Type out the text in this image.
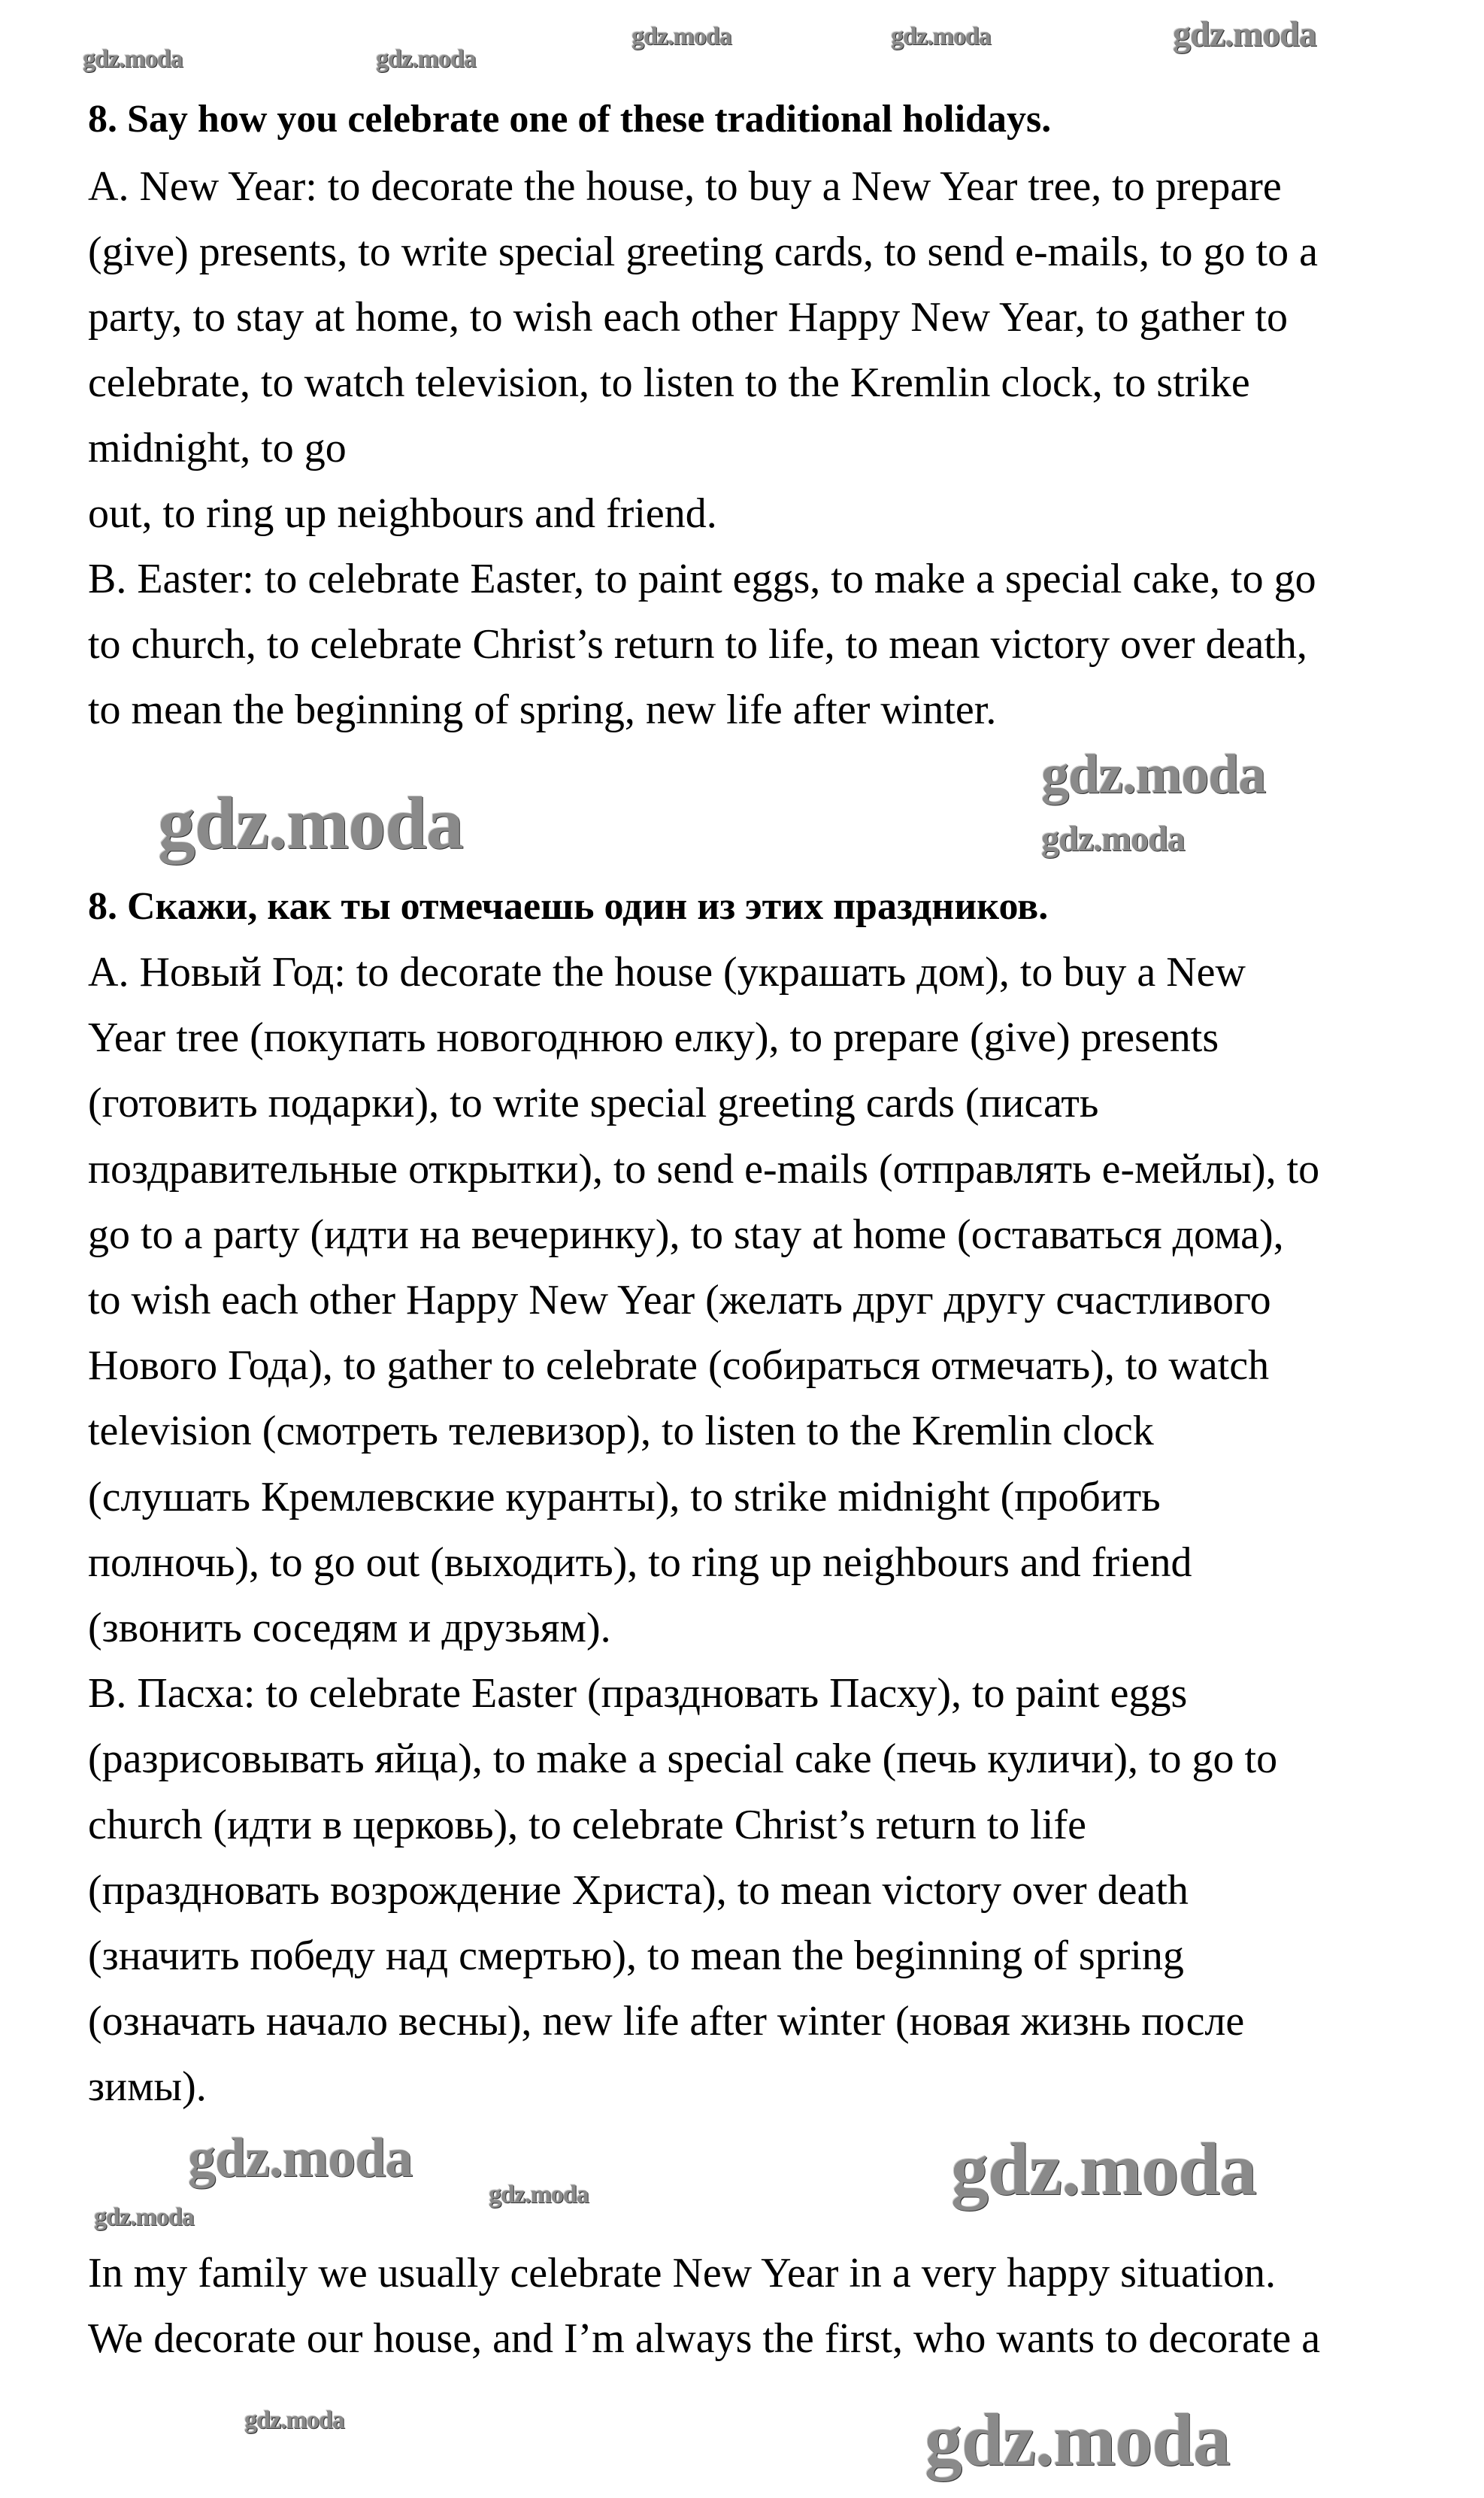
8. Say how you celebrate one of these traditional holidays.
A. New Year: to decorate the house, to buy a New Year tree, to prepare
(give) presents, to write special greeting cards, to send e-mails, to go to a
party, to stay at home, to wish each other Happy New Year, to gather to
celebrate, to watch television, to listen to the Kremlin clock, to strike
midnight, to go
out, to ring up neighbours and friend.
B. Easter: to celebrate Easter, to paint eggs, to make a special cake, to go
to church, to celebrate Christ’s return to life, to mean victory over death,
to mean the beginning of spring, new life after winter.
8. Скажи, как ты отмечаешь один из этих праздников.
A. Новый Год: to decorate the house (украшать дом), to buy a New
Year tree (покупать новогоднюю елку), to prepare (give) presents
(готовить подарки), to write special greeting cards (писать
поздравительные открытки), to send e-mails (отправлять е-мейлы), to
go to a party (идти на вечеринку), to stay at home (оставаться дома),
to wish each other Happy New Year (желать друг другу счастливого
Нового Года), to gather to celebrate (собираться отмечать), to watch
television (смотреть телевизор), to listen to the Kremlin clock
(слушать Кремлевские куранты), to strike midnight (пробить
полночь), to go out (выходить), to ring up neighbours and friend
(звонить соседям и друзьям).
B. Пасха: to celebrate Easter (праздновать Пасху), to paint eggs
(разрисовывать яйца), to make a special cake (печь куличи), to go to
church (идти в церковь), to celebrate Christ’s return to life
(праздновать возрождение Христа), to mean victory over death
(значить победу над смертью), to mean the beginning of spring
(означать начало весны), new life after winter (новая жизнь после
зимы).
In my family we usually celebrate New Year in a very happy situation.
We decorate our house, and I’m always the first, who wants to decorate a
gdz.moda	gdz.moda	gdz.moda
gdz.moda	gdz.moda
gdz.moda
gdz.moda
gdz.moda
gdz.moda
gdz.moda
gdz.moda
gdz.moda
gdz.moda
gdz.moda
